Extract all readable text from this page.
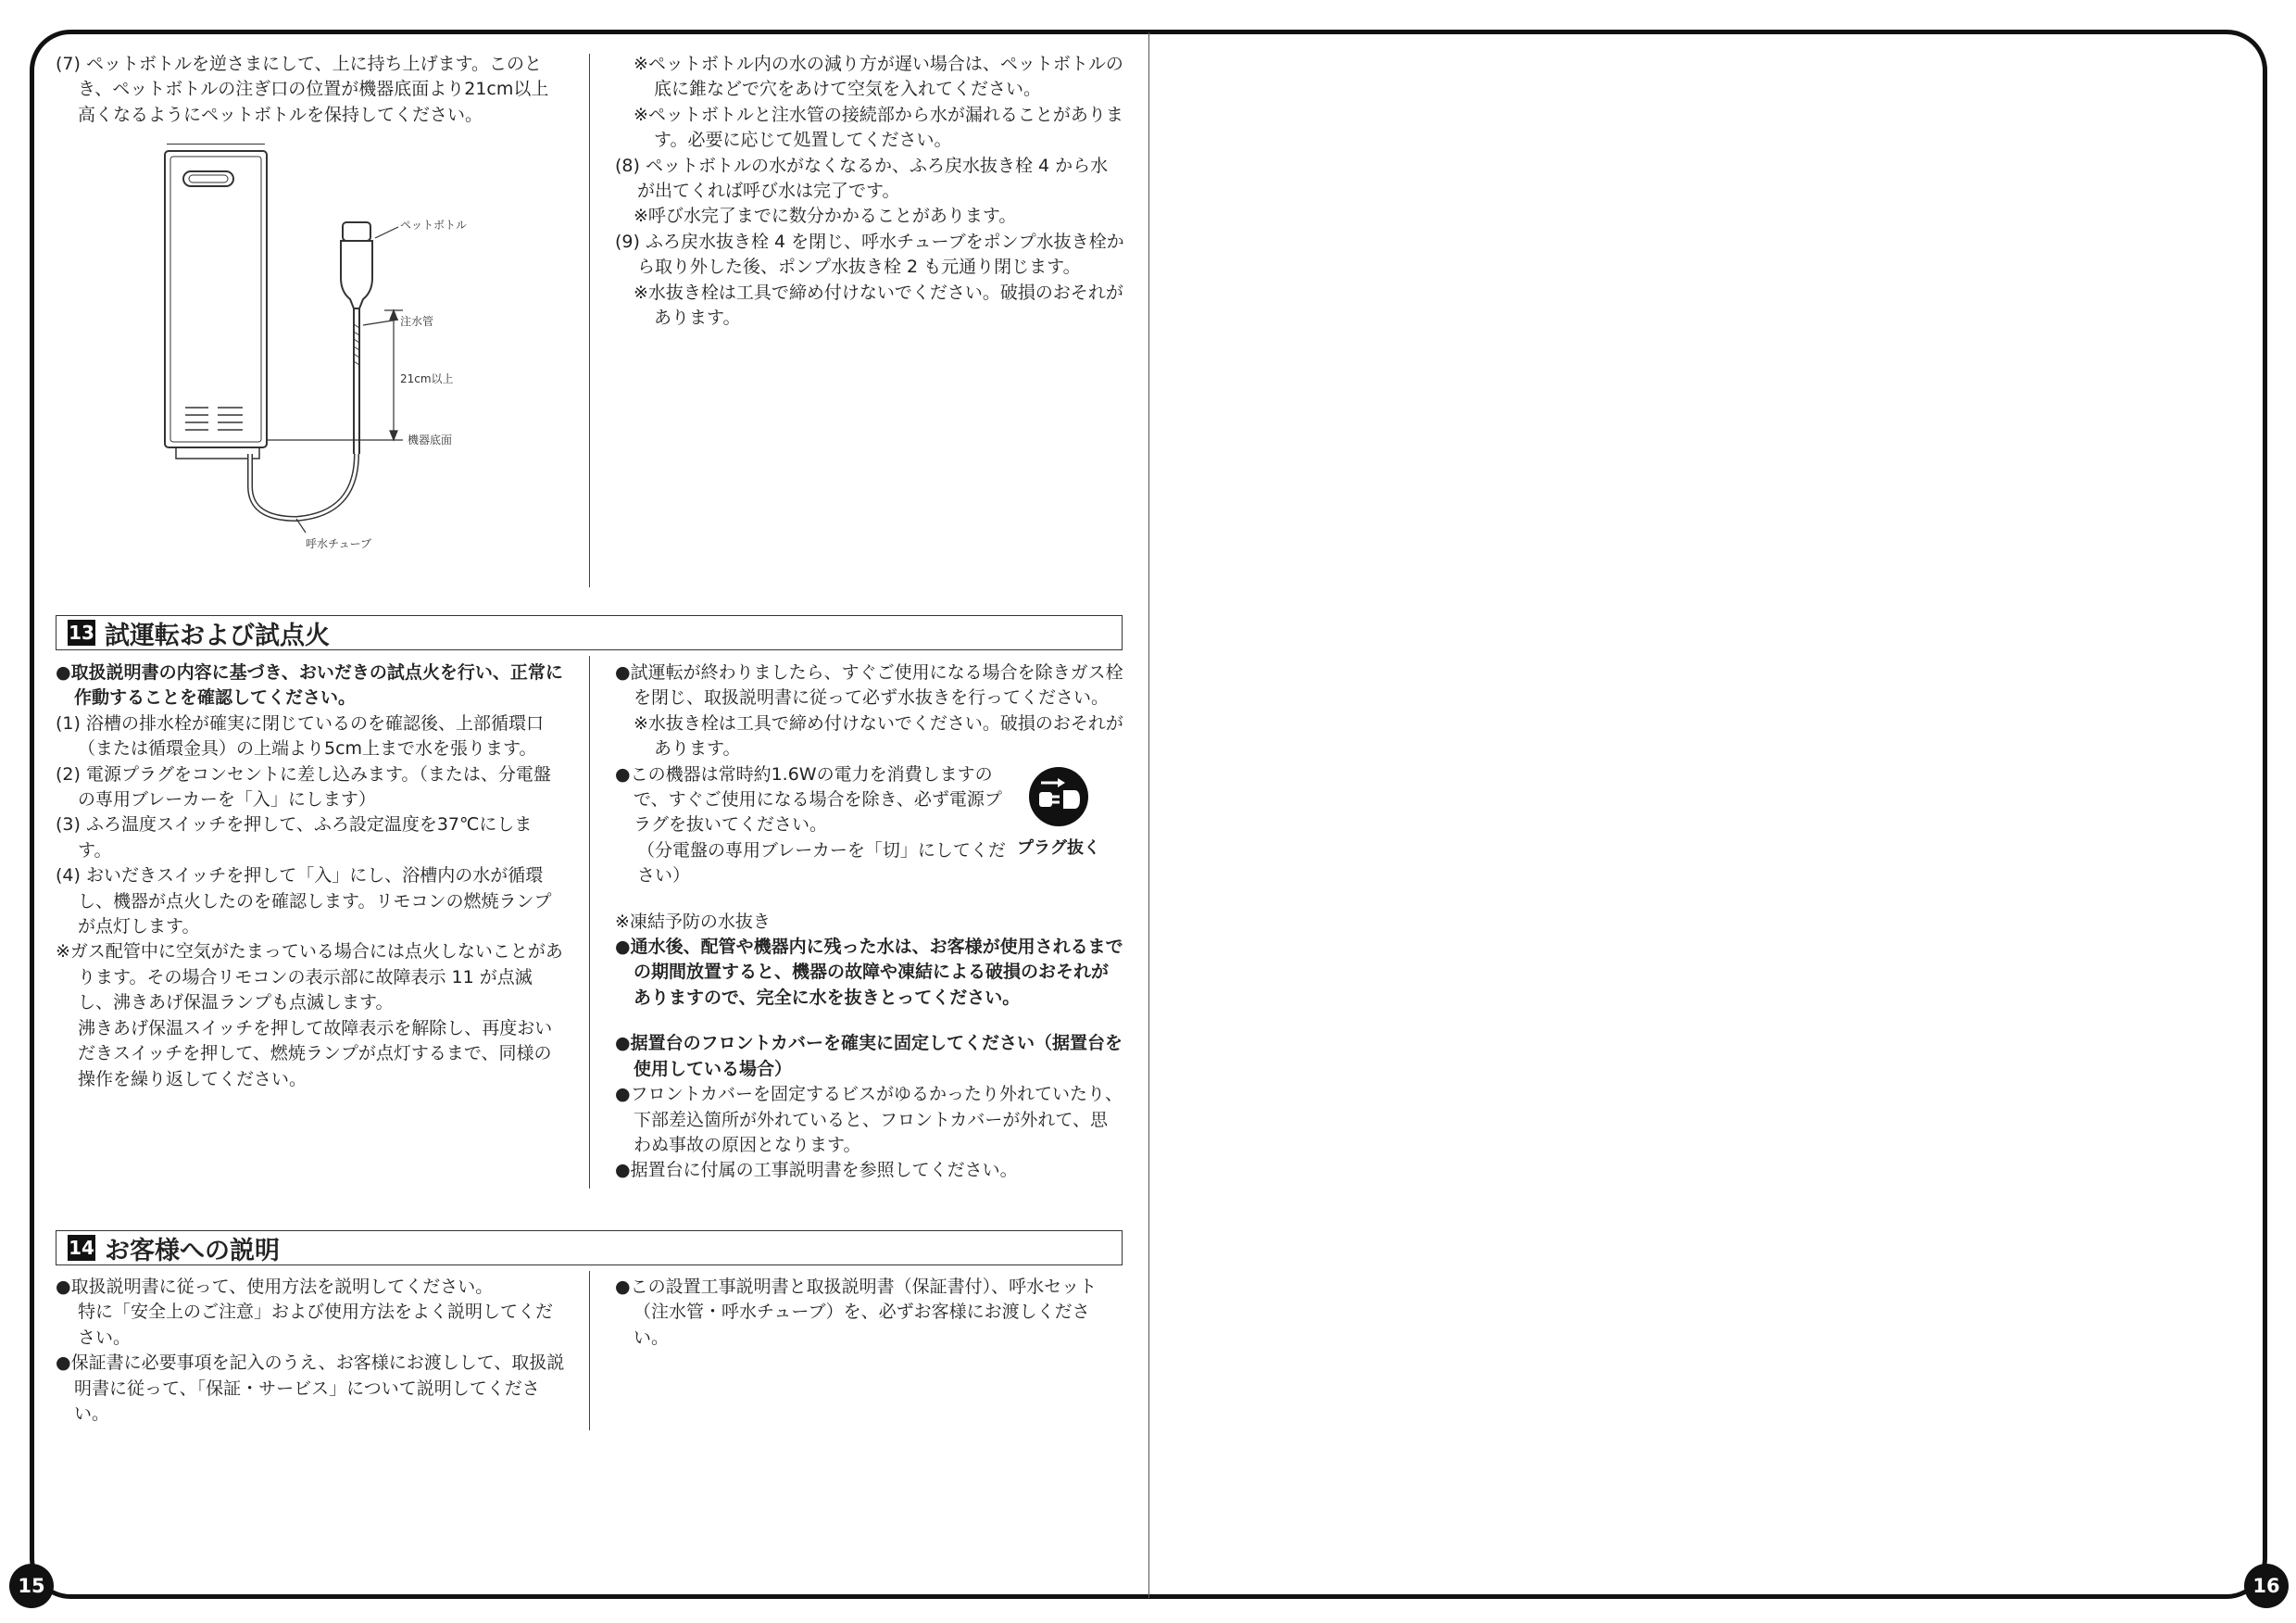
15	16

(7) ペットボトルを逆さまにして、上に持ち上げます。このとき、ペットボトルの注ぎ口の位置が機器底面より21cm以上高くなるようにペットボトルを保持してください。

ペットボトル
注水管
21cm以上
機器底面
呼水チューブ

※ペットボトル内の水の減り方が遅い場合は、ペットボトルの底に錐などで穴をあけて空気を入れてください。

※ペットボトルと注水管の接続部から水が漏れることがあります。必要に応じて処置してください。

(8) ペットボトルの水がなくなるか、ふろ戻水抜き栓 4 から水が出てくれば呼び水は完了です。

※呼び水完了までに数分かかることがあります。

(9) ふろ戻水抜き栓 4 を閉じ、呼水チューブをポンプ水抜き栓から取り外した後、ポンプ水抜き栓 2 も元通り閉じます。

※水抜き栓は工具で締め付けないでください。破損のおそれがあります。

13 試運転および試点火

●取扱説明書の内容に基づき、おいだきの試点火を行い、正常に作動することを確認してください。

(1) 浴槽の排水栓が確実に閉じているのを確認後、上部循環口（または循環金具）の上端より5cm上まで水を張ります。

(2) 電源プラグをコンセントに差し込みます。（または、分電盤の専用ブレーカーを「入」にします）

(3) ふろ温度スイッチを押して、ふろ設定温度を37℃にします。

(4) おいだきスイッチを押して「入」にし、浴槽内の水が循環し、機器が点火したのを確認します。リモコンの燃焼ランプが点灯します。

※ガス配管中に空気がたまっている場合には点火しないことがあります。その場合リモコンの表示部に故障表示 11 が点滅し、沸きあげ保温ランプも点滅します。

沸きあげ保温スイッチを押して故障表示を解除し、再度おいだきスイッチを押して、燃焼ランプが点灯するまで、同様の操作を繰り返してください。

●試運転が終わりましたら、すぐご使用になる場合を除きガス栓を閉じ、取扱説明書に従って必ず水抜きを行ってください。

※水抜き栓は工具で締め付けないでください。破損のおそれがあります。

●この機器は常時約1.6Wの電力を消費しますので、すぐご使用になる場合を除き、必ず電源プラグを抜いてください。

（分電盤の専用ブレーカーを「切」にしてください）

※凍結予防の水抜き

●通水後、配管や機器内に残った水は、お客様が使用されるまでの期間放置すると、機器の故障や凍結による破損のおそれがありますので、完全に水を抜きとってください。

●据置台のフロントカバーを確実に固定してください（据置台を使用している場合）

●フロントカバーを固定するビスがゆるかったり外れていたり、下部差込箇所が外れていると、フロントカバーが外れて、思わぬ事故の原因となります。

●据置台に付属の工事説明書を参照してください。

プラグ抜く
14 お客様への説明

●取扱説明書に従って、使用方法を説明してください。

特に「安全上のご注意」および使用方法をよく説明してください。

●保証書に必要事項を記入のうえ、お客様にお渡しして、取扱説明書に従って、「保証・サービス」について説明してください。

●この設置工事説明書と取扱説明書（保証書付）、呼水セット（注水管・呼水チューブ）を、必ずお客様にお渡しください。
